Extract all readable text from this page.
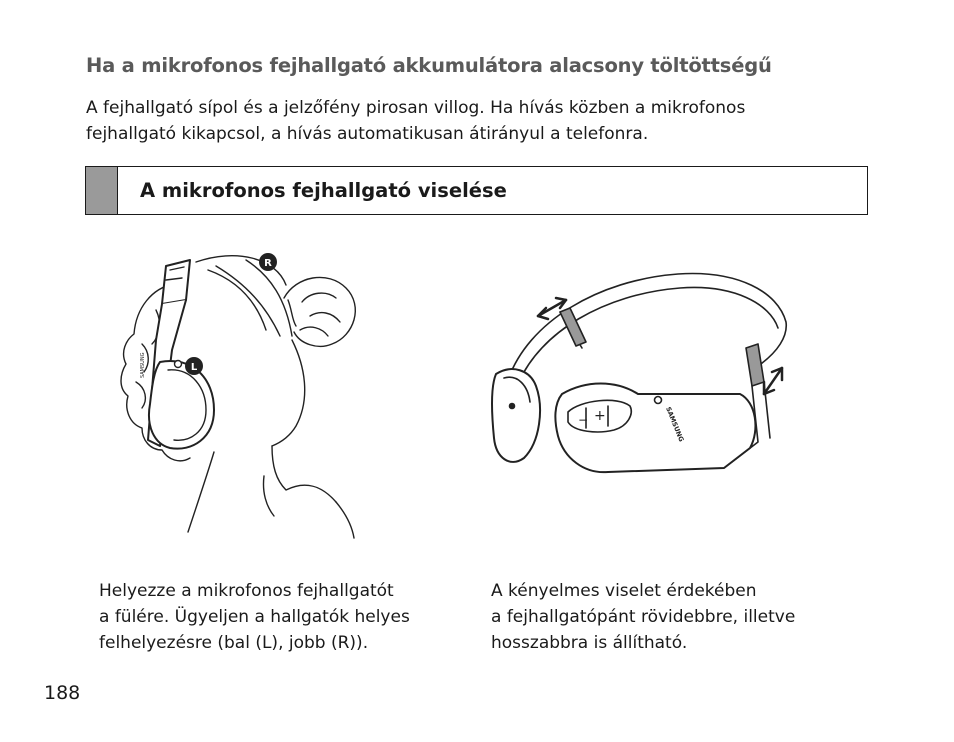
Ha a mikrofonos fejhallgató akkumulátora alacsony töltöttségű

A fejhallgató sípol és a jelzőfény pirosan villog. Ha hívás közben a mikrofonos
fejhallgató kikapcsol, a hívás automatikusan átirányul a telefonra.

A mikrofonos fejhallgató viselése
SAMSUNG
R
L
− +	SAMSUNG

Helyezze a mikrofonos fejhallgatót
a fülére. Ügyeljen a hallgatók helyes
felhelyezésre (bal (L), jobb (R)).

A kényelmes viselet érdekében
a fejhallgatópánt rövidebbre, illetve
hosszabbra is állítható.

188
